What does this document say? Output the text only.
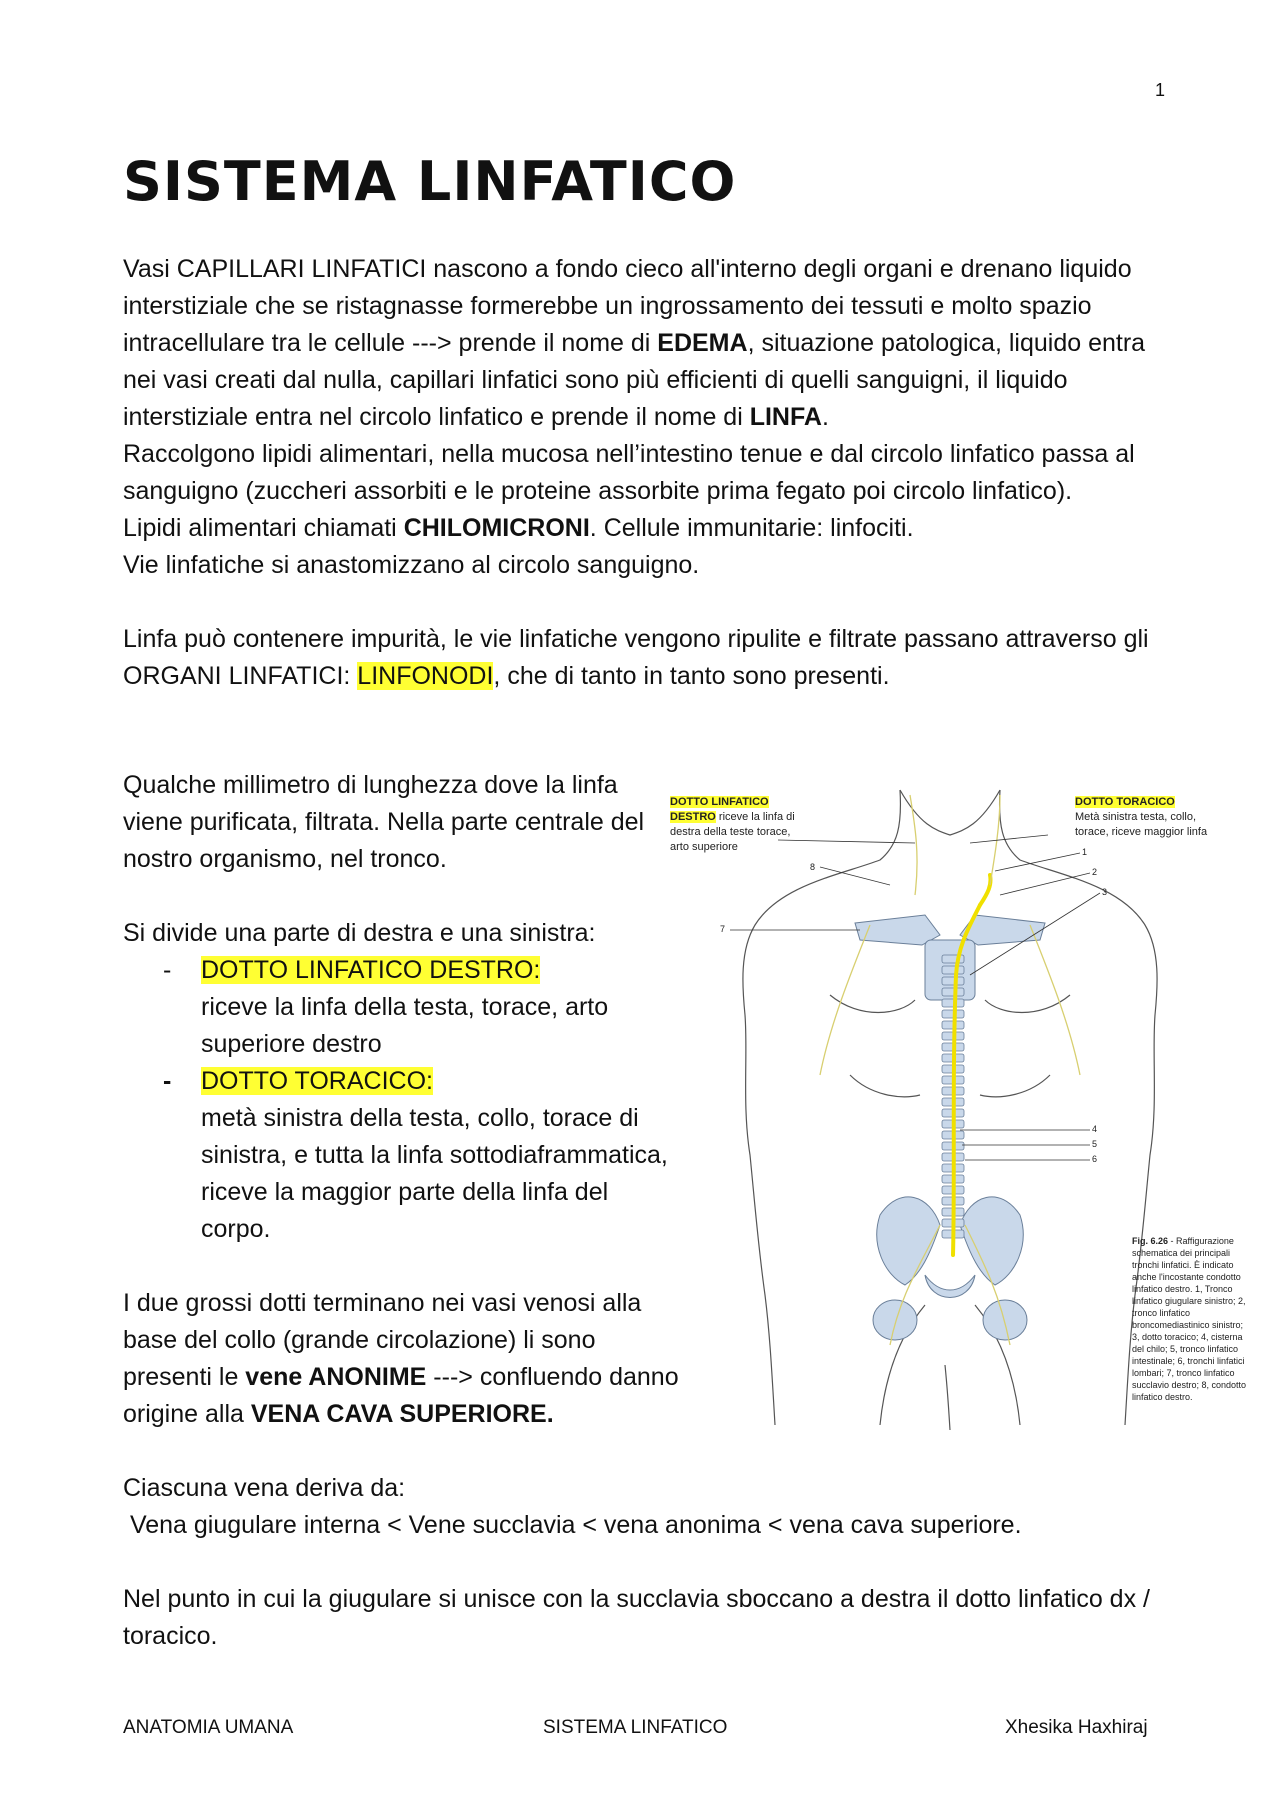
1
SISTEMA LINFATICO

Vasi CAPILLARI LINFATICI nascono a fondo cieco all'interno degli organi e drenano liquido interstiziale che se ristagnasse formerebbe un ingrossamento dei tessuti e molto spazio intracellulare tra le cellule ---> prende il nome di EDEMA, situazione patologica, liquido entra nei vasi creati dal nulla, capillari linfatici sono più efficienti di quelli sanguigni, il liquido interstiziale entra nel circolo linfatico e prende il nome di LINFA.

Raccolgono lipidi alimentari, nella mucosa nell’intestino tenue e dal circolo linfatico passa al sanguigno (zuccheri assorbiti e le proteine assorbite prima fegato poi circolo linfatico).

Lipidi alimentari chiamati CHILOMICRONI. Cellule immunitarie: linfociti.

Vie linfatiche si anastomizzano al circolo sanguigno.

Linfa può contenere impurità, le vie linfatiche vengono ripulite e filtrate passano attraverso gli ORGANI LINFATICI: LINFONODI, che di tanto in tanto sono presenti.

Qualche millimetro di lunghezza dove la linfa viene purificata, filtrata. Nella parte centrale del nostro organismo, nel tronco.

Si divide una parte di destra e una sinistra:

- DOTTO LINFATICO DESTRO:
riceve la linfa della testa, torace, arto superiore destro
- DOTTO TORACICO:
metà sinistra della testa, collo, torace di sinistra, e tutta la linfa sottodiaframmatica, riceve la maggior parte della linfa del corpo.

I due grossi dotti terminano nei vasi venosi alla base del collo (grande circolazione) li sono presenti le vene ANONIME ---> confluendo danno origine alla VENA CAVA SUPERIORE.

Ciascuna vena deriva da:

Vena giugulare interna < Vene succlavia < vena anonima < vena cava superiore.

Nel punto in cui la giugulare si unisce con la succlavia sboccano a destra il dotto linfatico dx / toracico.

DOTTO LINFATICO
DESTRO riceve la linfa di
destra della teste torace,
arto superiore
DOTTO TORACICO
Metà sinistra testa, collo,
torace, riceve maggior linfa
1
2
3
4
5
6
7
8
Fig. 6.26 - Raffigurazione schematica dei principali tronchi linfatici. È indicato anche l'incostante condotto linfatico destro. 1, Tronco linfatico giugulare sinistro; 2, tronco linfatico broncomediastinico sinistro; 3, dotto toracico; 4, cisterna del chilo; 5, tronco linfatico intestinale; 6, tronchi linfatici lombari; 7, tronco linfatico succlavio destro; 8, condotto linfatico destro.
ANATOMIA UMANA	SISTEMA LINFATICO	Xhesika Haxhiraj
